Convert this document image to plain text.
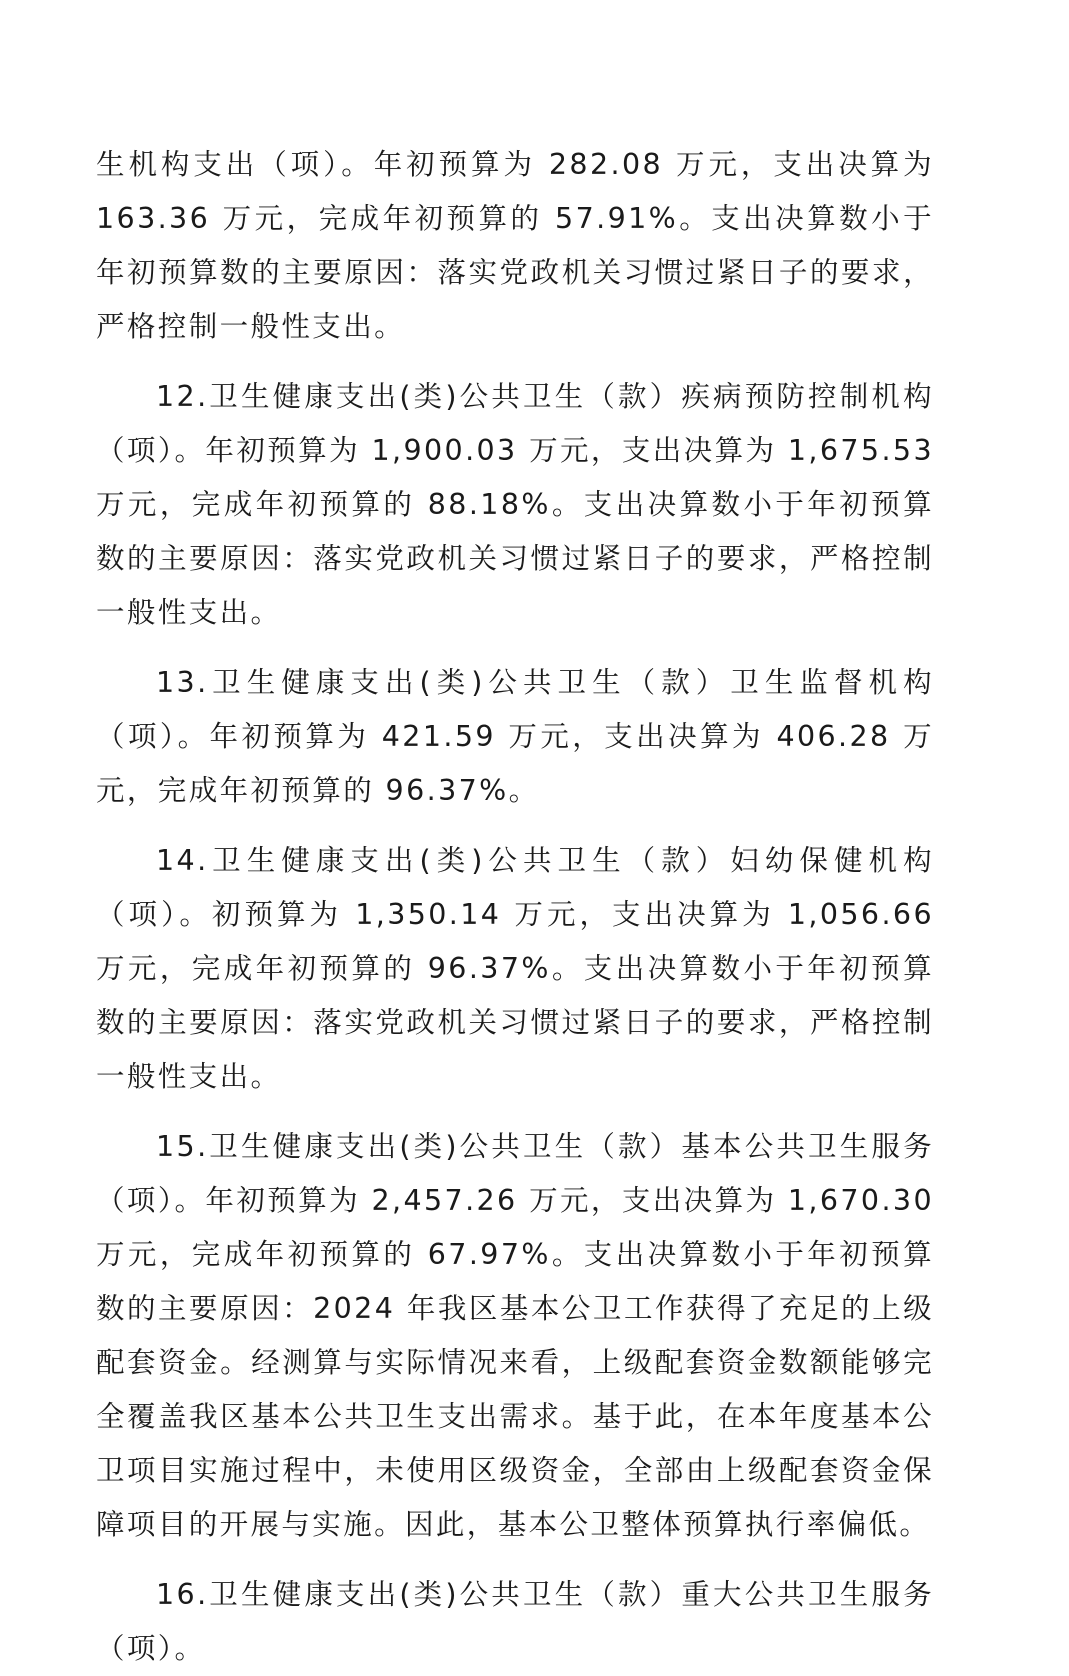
生机构支出（项）。年初预算为 282.08 万元，支出决算为 163.36 万元，完成年初预算的 57.91%。支出决算数小于年初预算数的主要原因：落实党政机关习惯过紧日子的要求，严格控制一般性支出。

12.卫生健康支出(类)公共卫生（款）疾病预防控制机构（项）。年初预算为 1,900.03 万元，支出决算为 1,675.53 万元，完成年初预算的 88.18%。支出决算数小于年初预算数的主要原因：落实党政机关习惯过紧日子的要求，严格控制一般性支出。

13.卫生健康支出(类)公共卫生（款）卫生监督机构（项）。年初预算为 421.59 万元，支出决算为 406.28 万元，完成年初预算的 96.37%。

14.卫生健康支出(类)公共卫生（款）妇幼保健机构（项）。初预算为 1,350.14 万元，支出决算为 1,056.66 万元，完成年初预算的 96.37%。支出决算数小于年初预算数的主要原因：落实党政机关习惯过紧日子的要求，严格控制一般性支出。

15.卫生健康支出(类)公共卫生（款）基本公共卫生服务（项）。年初预算为 2,457.26 万元，支出决算为 1,670.30 万元，完成年初预算的 67.97%。支出决算数小于年初预算数的主要原因：2024 年我区基本公卫工作获得了充足的上级配套资金。经测算与实际情况来看，上级配套资金数额能够完全覆盖我区基本公共卫生支出需求。基于此，在本年度基本公卫项目实施过程中，未使用区级资金，全部由上级配套资金保障项目的开展与实施。因此，基本公卫整体预算执行率偏低。

16.卫生健康支出(类)公共卫生（款）重大公共卫生服务（项）。
